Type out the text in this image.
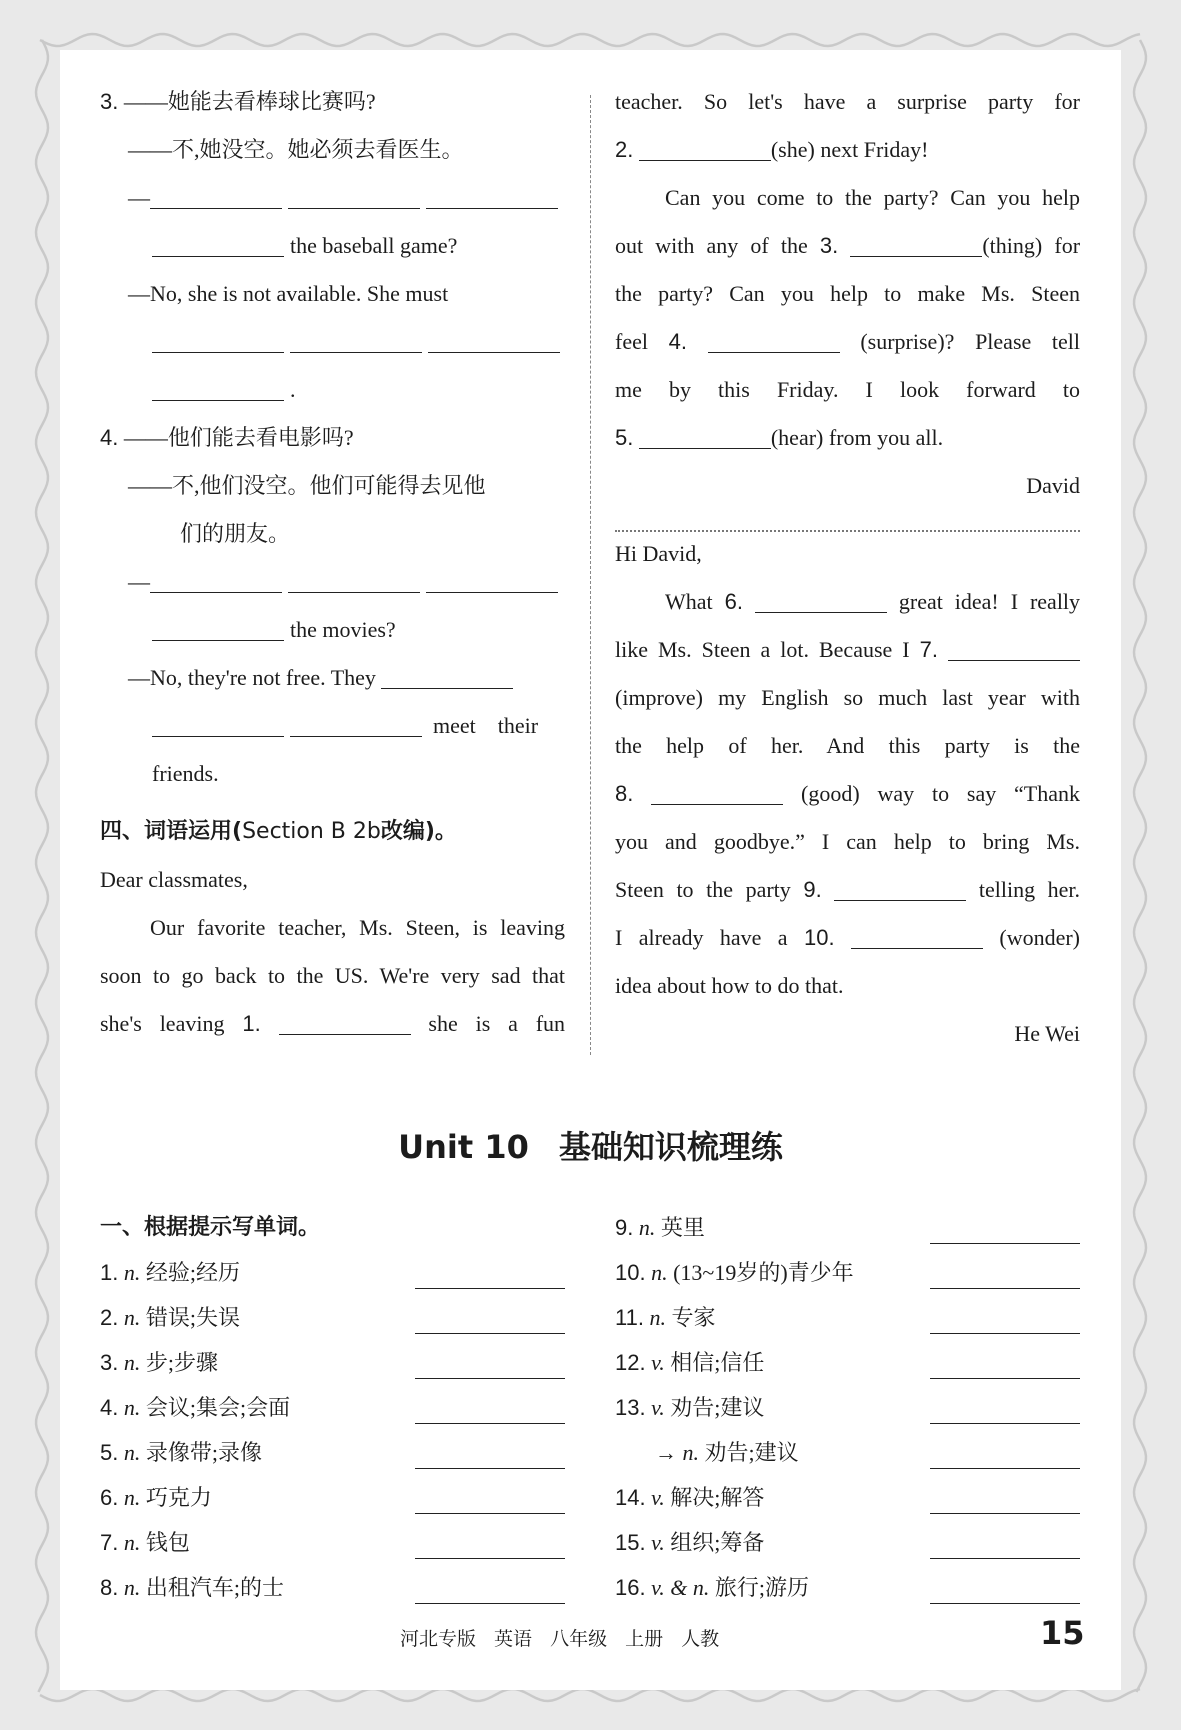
3. ——她能去看棒球比赛吗?
——不,她没空。她必须去看医生。
—
the baseball game?
—No, she is not available. She must
.
4. ——他们能去看电影吗?
——不,他们没空。他们可能得去见他
们的朋友。
—
the movies?
—No, they're not free. They
meet their
friends.
四、词语运用(Section B 2b改编)。
Dear classmates,
Our favorite teacher, Ms. Steen, is leaving
soon to go back to the US. We're very sad that
she's leaving 1.	she is a fun
teacher. So let's have a surprise party for
2.	(she) next Friday!
Can you come to the party? Can you help
out with any of the 3.	(thing) for
the party? Can you help to make Ms. Steen
feel 4.	(surprise)? Please tell
me by this Friday. I look forward to
5.	(hear) from you all.
David
Hi David,
What 6.	great idea! I really
like Ms. Steen a lot. Because I 7.
(improve) my English so much last year with
the help of her. And this party is the
8.	(good) way to say “Thank
you and goodbye.” I can help to bring Ms.
Steen to the party 9.	telling her.
I already have a 10.	(wonder)
idea about how to do that.
He Wei
Unit 10 基础知识梳理练
一、根据提示写单词。
1. n. 经验;经历
2. n. 错误;失误
3. n. 步;步骤
4. n. 会议;集会;会面
5. n. 录像带;录像
6. n. 巧克力
7. n. 钱包
8. n. 出租汽车;的士
9. n. 英里
10. n. (13~19岁的)青少年
11. n. 专家
12. v. 相信;信任
13. v. 劝告;建议
→ n. 劝告;建议
14. v. 解决;解答
15. v. 组织;筹备
16. v. & n. 旅行;游历
河北专版 英语 八年级 上册 人教	15
